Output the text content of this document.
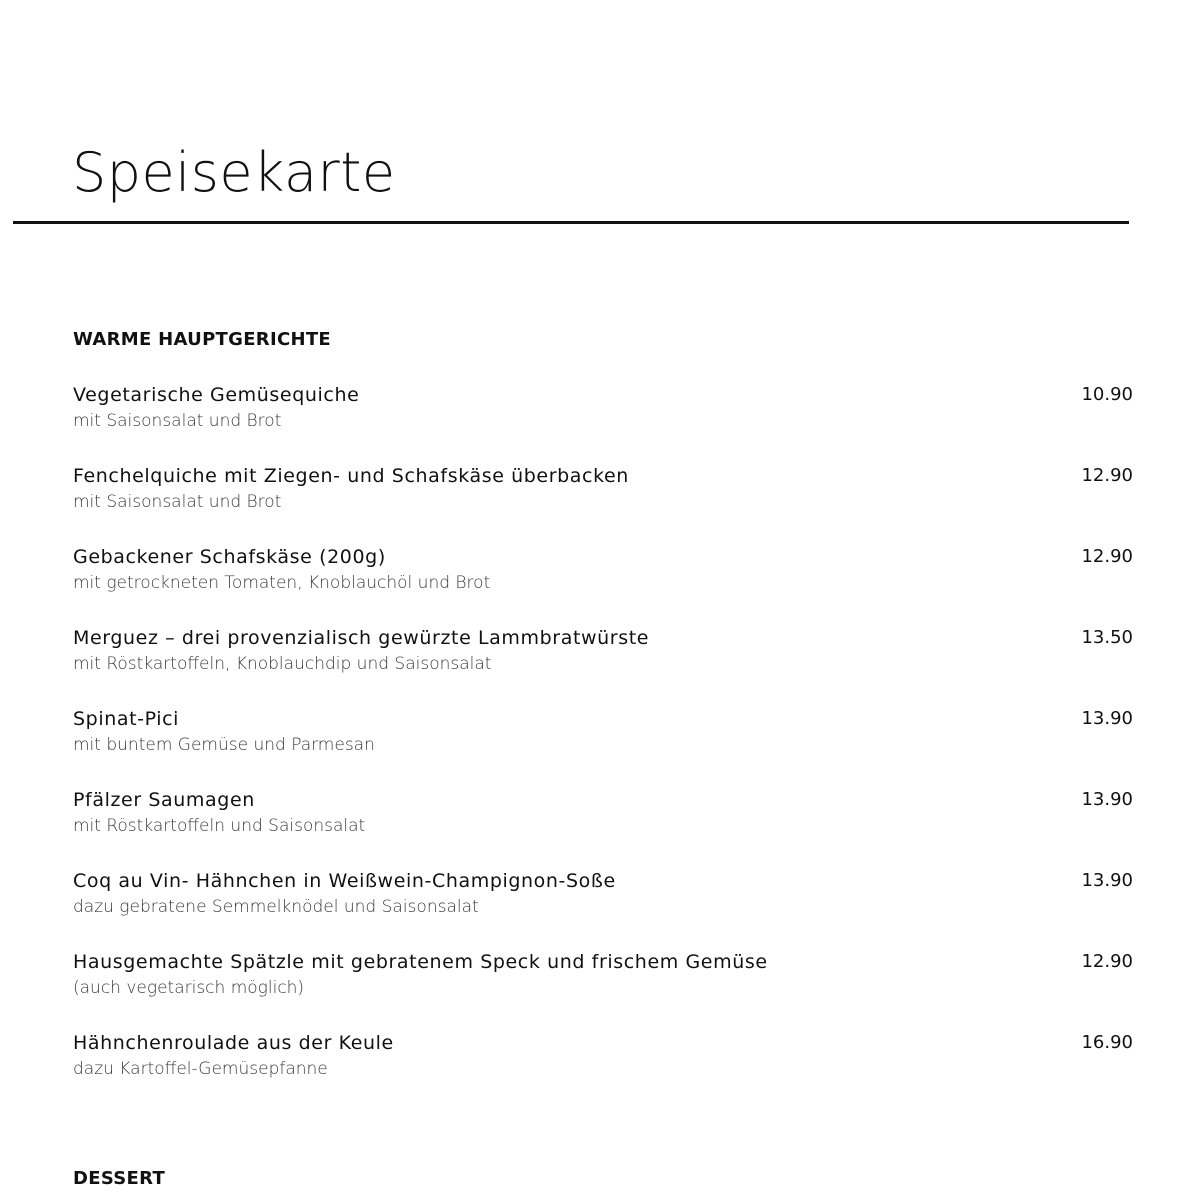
Speisekarte
WARME HAUPTGERICHTE
Vegetarische Gemüsequiche
mit Saisonsalat und Brot
10.90
Fenchelquiche mit Ziegen- und Schafskäse überbacken
mit Saisonsalat und Brot
12.90
Gebackener Schafskäse (200g)
mit getrockneten Tomaten, Knoblauchöl und Brot
12.90
Merguez – drei provenzialisch gewürzte Lammbratwürste
mit Röstkartoffeln, Knoblauchdip und Saisonsalat
13.50
Spinat-Pici
mit buntem Gemüse und Parmesan
13.90
Pfälzer Saumagen
mit Röstkartoffeln und Saisonsalat
13.90
Coq au Vin- Hähnchen in Weißwein-Champignon-Soße
dazu gebratene Semmelknödel und Saisonsalat
13.90
Hausgemachte Spätzle mit gebratenem Speck und frischem Gemüse
(auch vegetarisch möglich)
12.90
Hähnchenroulade aus der Keule
dazu Kartoffel-Gemüsepfanne
16.90
DESSERT
